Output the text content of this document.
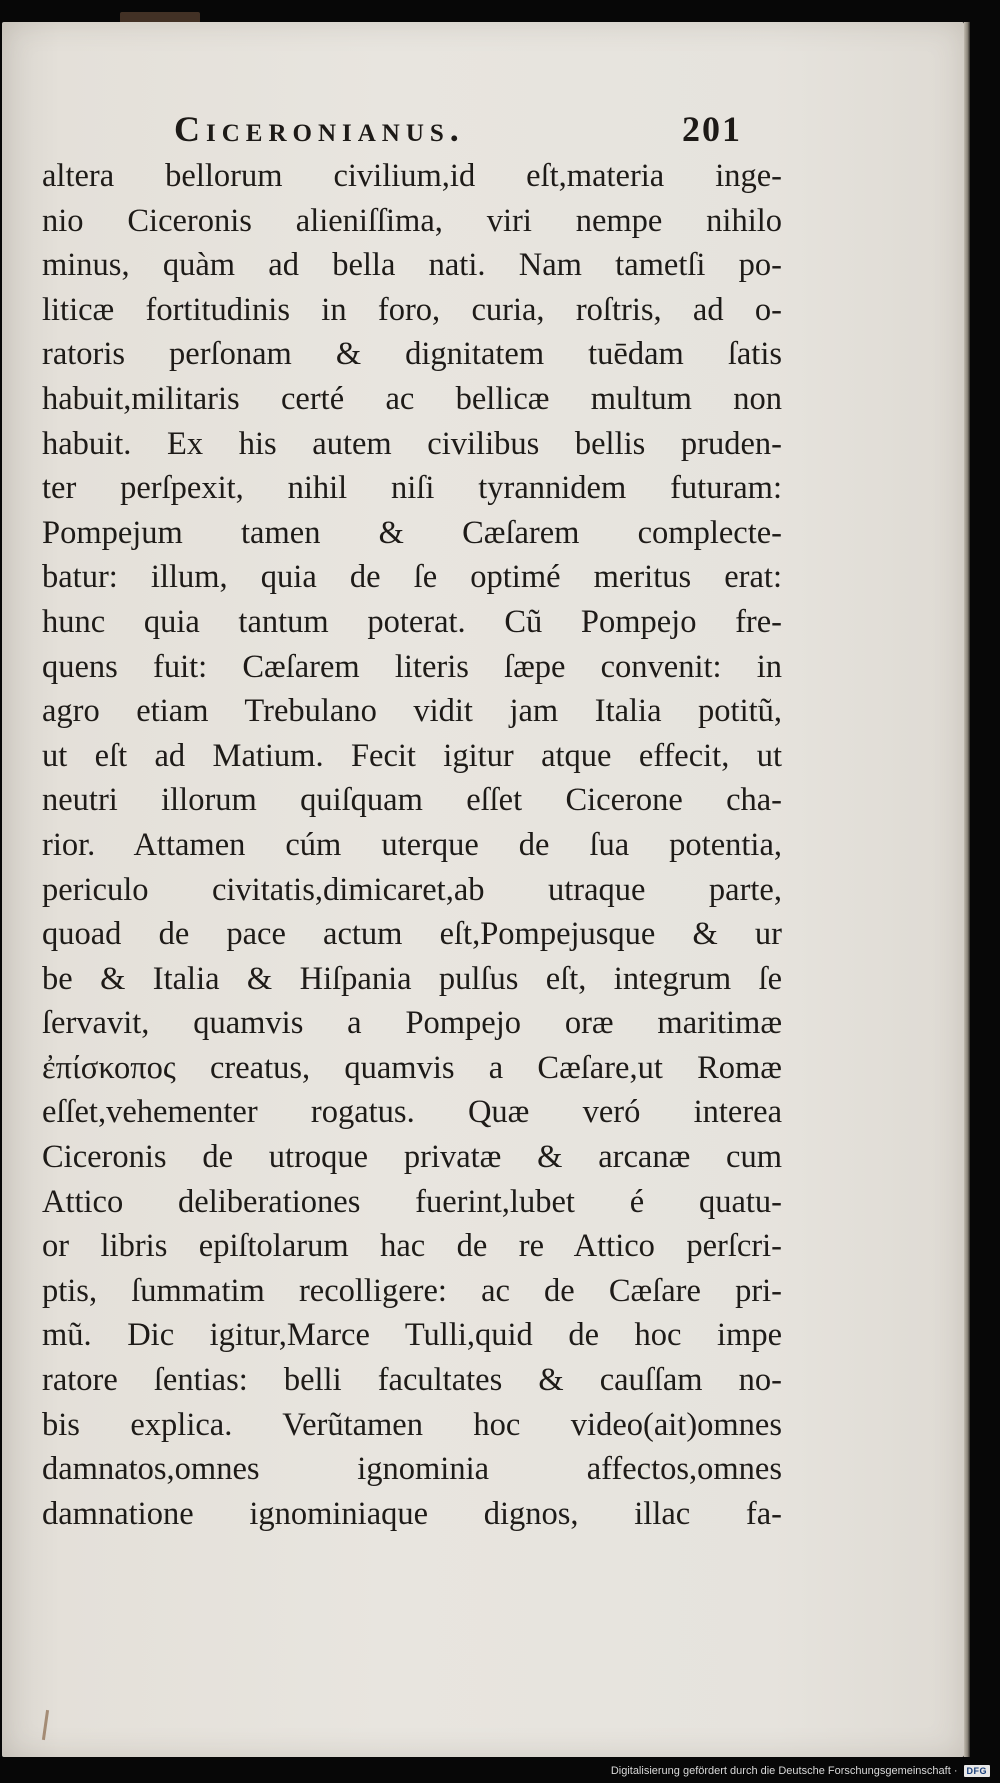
Ciceronianus.	201
altera bellorum civilium,id eſt,materia inge-
nio Ciceronis alieniſſima, viri nempe nihilo
minus, quàm ad bella nati. Nam tametſi po-
liticæ fortitudinis in foro, curia, roſtris, ad o-
ratoris perſonam & dignitatem tuēdam ſatis
habuit,militaris certé ac bellicæ multum non
habuit. Ex his autem civilibus bellis pruden-
ter perſpexit, nihil niſi tyrannidem futuram:
Pompejum tamen & Cæſarem complecte-
batur: illum, quia de ſe optimé meritus erat:
hunc quia tantum poterat. Cũ Pompejo fre-
quens fuit: Cæſarem literis ſæpe convenit: in
agro etiam Trebulano vidit jam Italia potitũ,
ut eſt ad Matium. Fecit igitur atque effecit, ut
neutri illorum quiſquam eſſet Cicerone cha-
rior. Attamen cúm uterque de ſua potentia,
periculo civitatis,dimicaret,ab utraque parte,
quoad de pace actum eſt,Pompejusque & ur
be & Italia & Hiſpania pulſus eſt, integrum ſe
ſervavit, quamvis a Pompejo oræ maritimæ
ἐπίσκοπος creatus, quamvis a Cæſare,ut Romæ
eſſet,vehementer rogatus. Quæ veró interea
Ciceronis de utroque privatæ & arcanæ cum
Attico deliberationes fuerint,lubet é quatu-
or libris epiſtolarum hac de re Attico perſcri-
ptis, ſummatim recolligere: ac de Cæſare pri-
mũ. Dic igitur,Marce Tulli,quid de hoc impe
ratore ſentias: belli facultates & cauſſam no-
bis explica. Verũtamen hoc video(ait)omnes
damnatos,omnes ignominia affectos,omnes
damnatione ignominiaque dignos, illac fa-
Digitalisierung gefördert durch die Deutsche Forschungsgemeinschaft ·	DFG
